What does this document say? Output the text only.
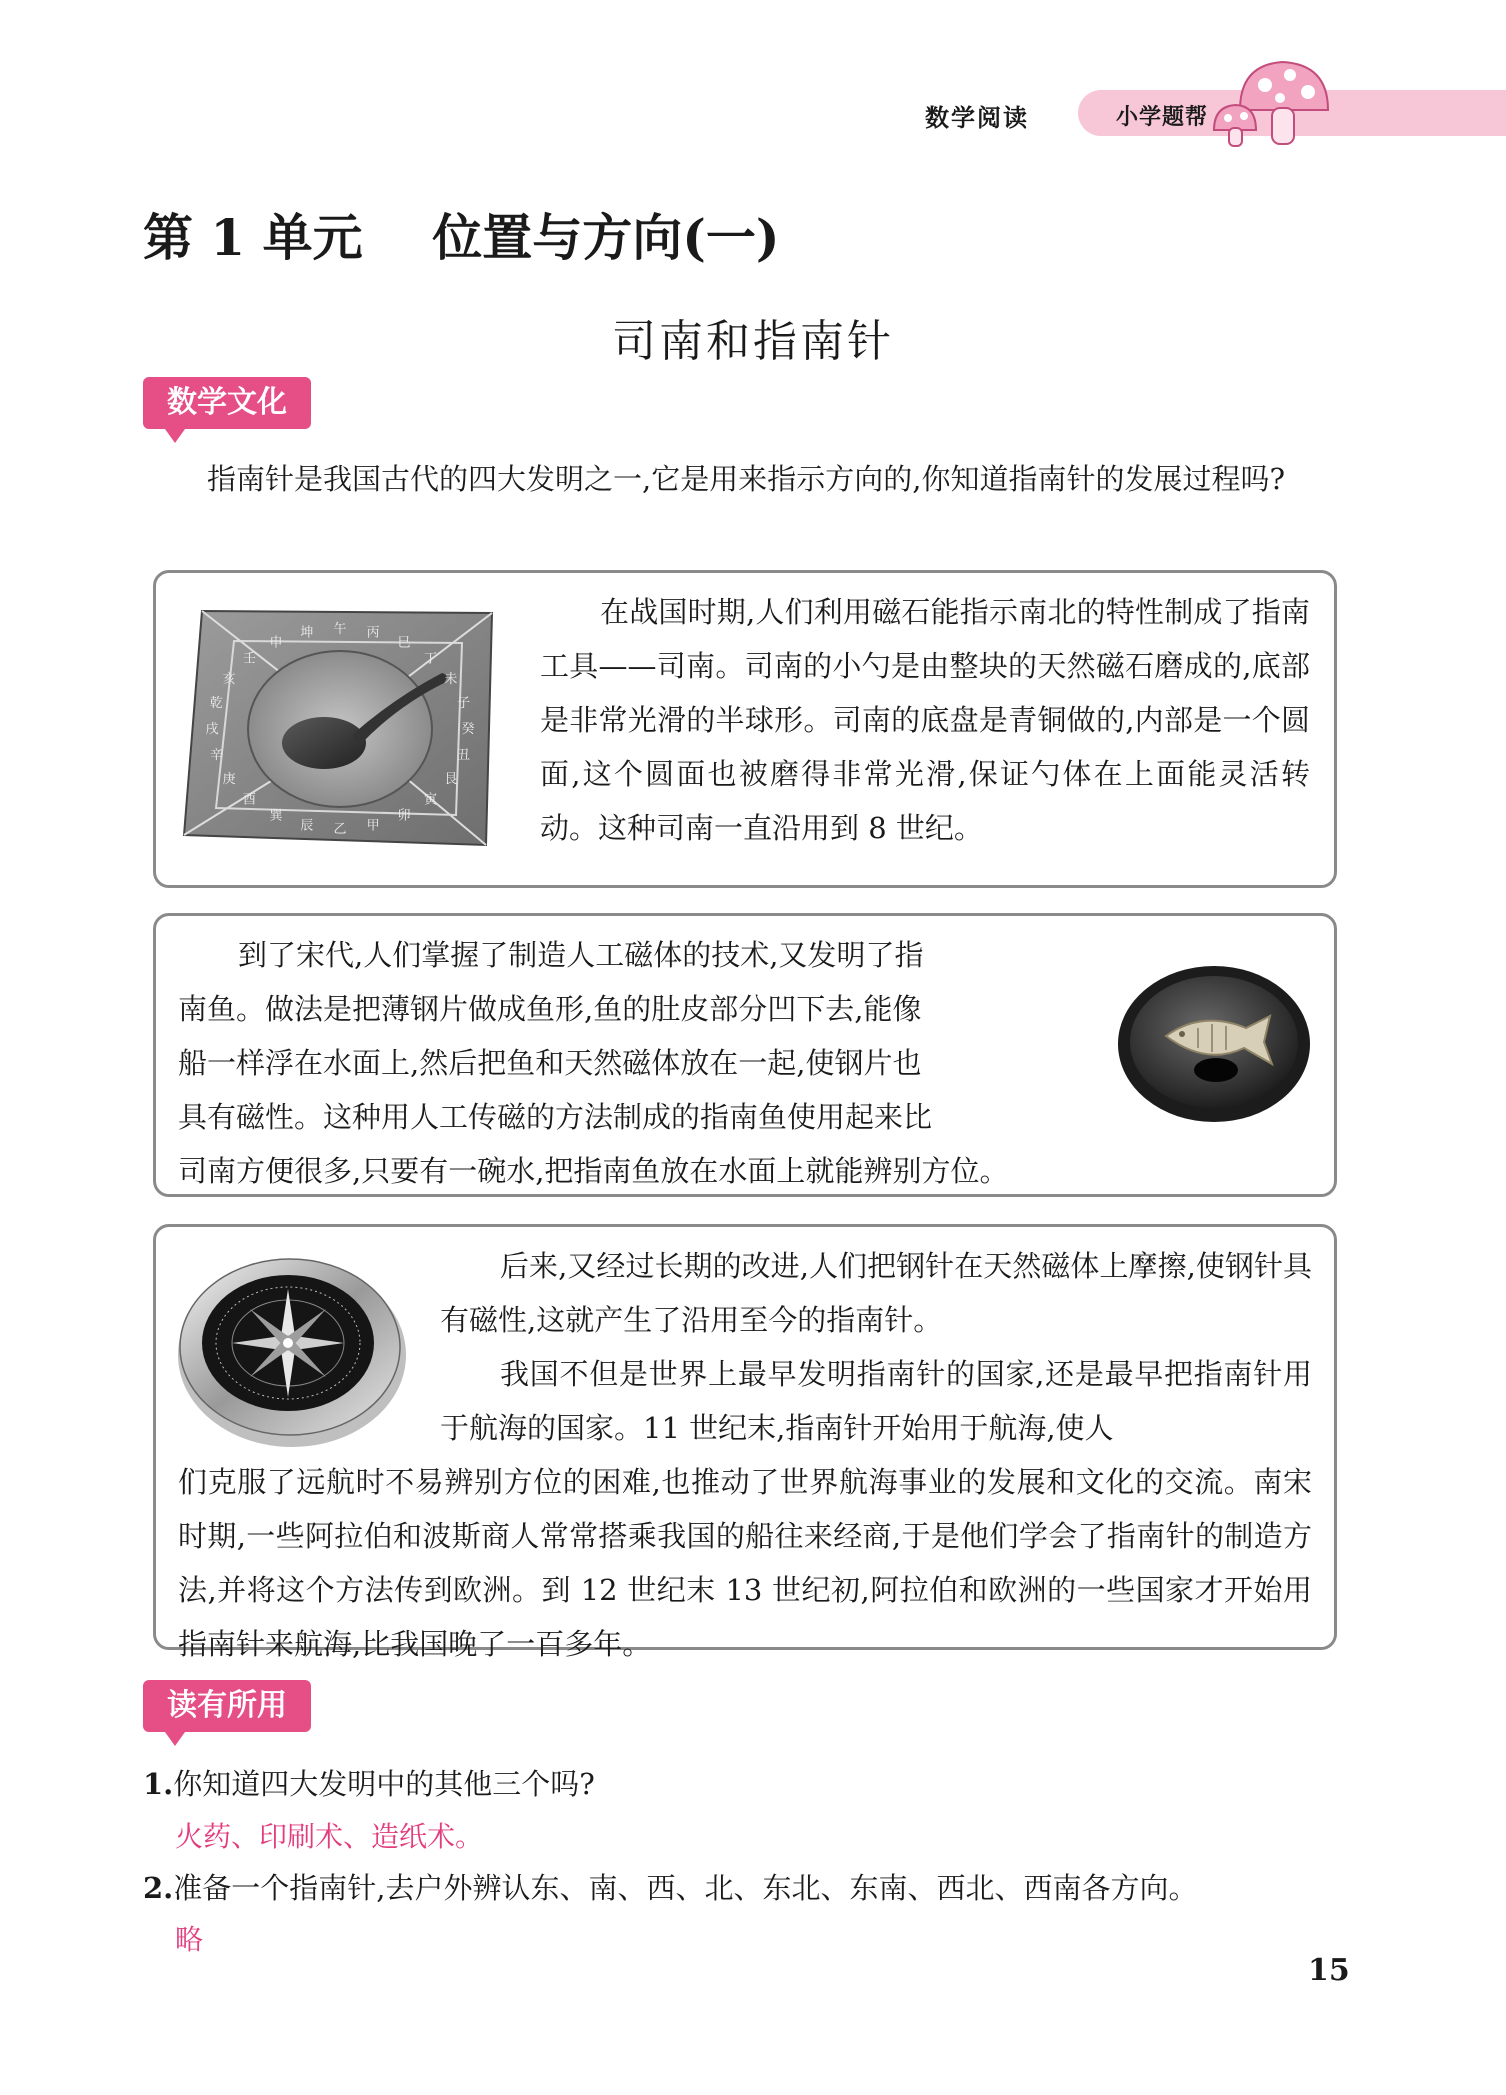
数学阅读	小学题帮
第 1 单元    位置与方向(一)
司南和指南针
数学文化

指南针是我国古代的四大发明之一,它是用来指示方向的,你知道指南针的发展过程吗?

午 丙
巳
丁
未
子
癸
丑
艮
寅
卯
甲
乙
辰
巽
酉
庚
辛
戌
乾
亥
壬
申
坤

在战国时期,人们利用磁石能指示南北的特性制成了指南工具——司南。司南的小勺是由整块的天然磁石磨成的,底部是非常光滑的半球形。司南的底盘是青铜做的,内部是一个圆面,这个圆面也被磨得非常光滑,保证勺体在上面能灵活转动。这种司南一直沿用到 8 世纪。

到了宋代,人们掌握了制造人工磁体的技术,又发明了指
南鱼。做法是把薄钢片做成鱼形,鱼的肚皮部分凹下去,能像
船一样浮在水面上,然后把鱼和天然磁体放在一起,使钢片也
具有磁性。这种用人工传磁的方法制成的指南鱼使用起来比
司南方便很多,只要有一碗水,把指南鱼放在水面上就能辨别方位。

后来,又经过长期的改进,人们把钢针在天然磁体上摩擦,使钢针具有磁性,这就产生了沿用至今的指南针。

我国不但是世界上最早发明指南针的国家,还是最早把指南针用于航海的国家。11 世纪末,指南针开始用于航海,使人

们克服了远航时不易辨别方位的困难,也推动了世界航海事业的发展和文化的交流。南宋时期,一些阿拉伯和波斯商人常常搭乘我国的船往来经商,于是他们学会了指南针的制造方法,并将这个方法传到欧洲。到 12 世纪末 13 世纪初,阿拉伯和欧洲的一些国家才开始用指南针来航海,比我国晚了一百多年。

读有所用
1.你知道四大发明中的其他三个吗?
火药、印刷术、造纸术。
2.准备一个指南针,去户外辨认东、南、西、北、东北、东南、西北、西南各方向。
略
15
